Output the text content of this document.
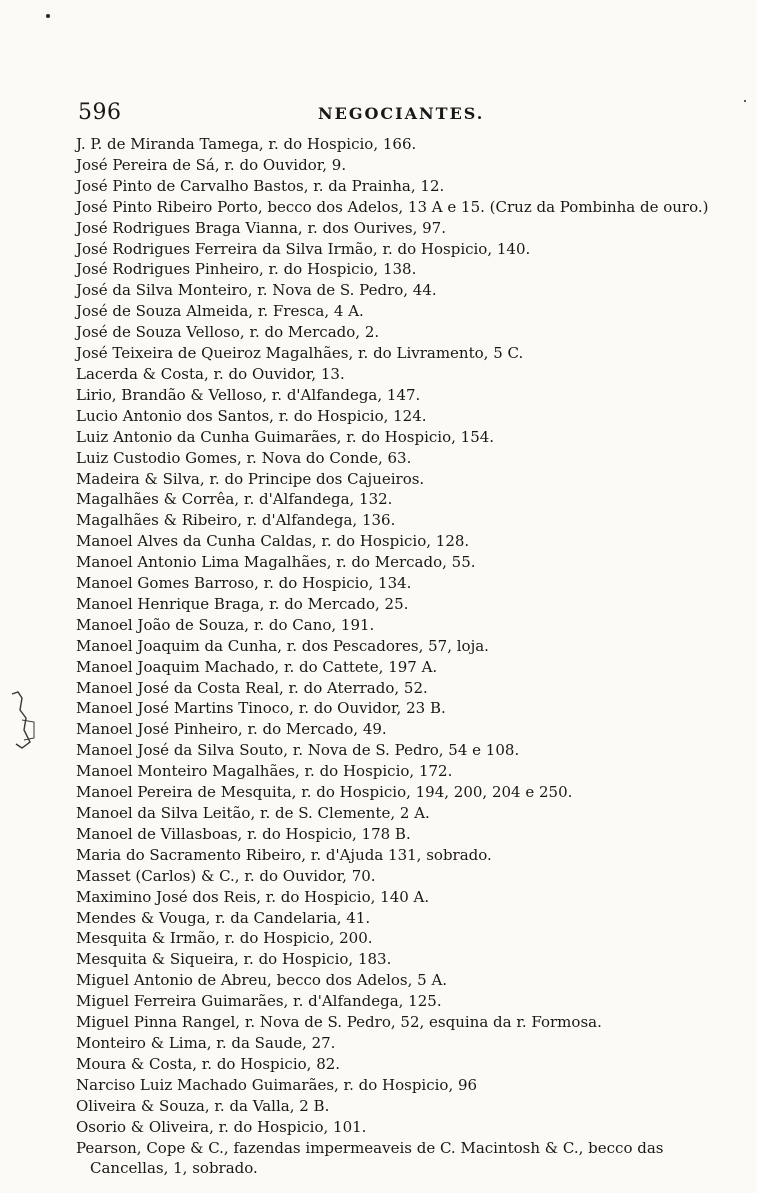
596	NEGOCIANTES.
J. P. de Miranda Tamega, r. do Hospicio, 166.
José Pereira de Sá, r. do Ouvidor, 9.
José Pinto de Carvalho Bastos, r. da Prainha, 12.
José Pinto Ribeiro Porto, becco dos Adelos, 13 A e 15. (Cruz da Pombinha de ouro.)
José Rodrigues Braga Vianna, r. dos Ourives, 97.
José Rodrigues Ferreira da Silva Irmão, r. do Hospicio, 140.
José Rodrigues Pinheiro, r. do Hospicio, 138.
José da Silva Monteiro, r. Nova de S. Pedro, 44.
José de Souza Almeida, r. Fresca, 4 A.
José de Souza Velloso, r. do Mercado, 2.
José Teixeira de Queiroz Magalhães, r. do Livramento, 5 C.
Lacerda & Costa, r. do Ouvidor, 13.
Lirio, Brandão & Velloso, r. d'Alfandega, 147.
Lucio Antonio dos Santos, r. do Hospicio, 124.
Luiz Antonio da Cunha Guimarães, r. do Hospicio, 154.
Luiz Custodio Gomes, r. Nova do Conde, 63.
Madeira & Silva, r. do Principe dos Cajueiros.
Magalhães & Corrêa, r. d'Alfandega, 132.
Magalhães & Ribeiro, r. d'Alfandega, 136.
Manoel Alves da Cunha Caldas, r. do Hospicio, 128.
Manoel Antonio Lima Magalhães, r. do Mercado, 55.
Manoel Gomes Barroso, r. do Hospicio, 134.
Manoel Henrique Braga, r. do Mercado, 25.
Manoel João de Souza, r. do Cano, 191.
Manoel Joaquim da Cunha, r. dos Pescadores, 57, loja.
Manoel Joaquim Machado, r. do Cattete, 197 A.
Manoel José da Costa Real, r. do Aterrado, 52.
Manoel José Martins Tinoco, r. do Ouvidor, 23 B.
Manoel José Pinheiro, r. do Mercado, 49.
Manoel José da Silva Souto, r. Nova de S. Pedro, 54 e 108.
Manoel Monteiro Magalhães, r. do Hospicio, 172.
Manoel Pereira de Mesquita, r. do Hospicio, 194, 200, 204 e 250.
Manoel da Silva Leitão, r. de S. Clemente, 2 A.
Manoel de Villasboas, r. do Hospicio, 178 B.
Maria do Sacramento Ribeiro, r. d'Ajuda 131, sobrado.
Masset (Carlos) & C., r. do Ouvidor, 70.
Maximino José dos Reis, r. do Hospicio, 140 A.
Mendes & Vouga, r. da Candelaria, 41.
Mesquita & Irmão, r. do Hospicio, 200.
Mesquita & Siqueira, r. do Hospicio, 183.
Miguel Antonio de Abreu, becco dos Adelos, 5 A.
Miguel Ferreira Guimarães, r. d'Alfandega, 125.
Miguel Pinna Rangel, r. Nova de S. Pedro, 52, esquina da r. Formosa.
Monteiro & Lima, r. da Saude, 27.
Moura & Costa, r. do Hospicio, 82.
Narciso Luiz Machado Guimarães, r. do Hospicio, 96
Oliveira & Souza, r. da Valla, 2 B.
Osorio & Oliveira, r. do Hospicio, 101.
Pearson, Cope & C., fazendas impermeaveis de C. Macintosh & C., becco das Cancellas, 1, sobrado.
